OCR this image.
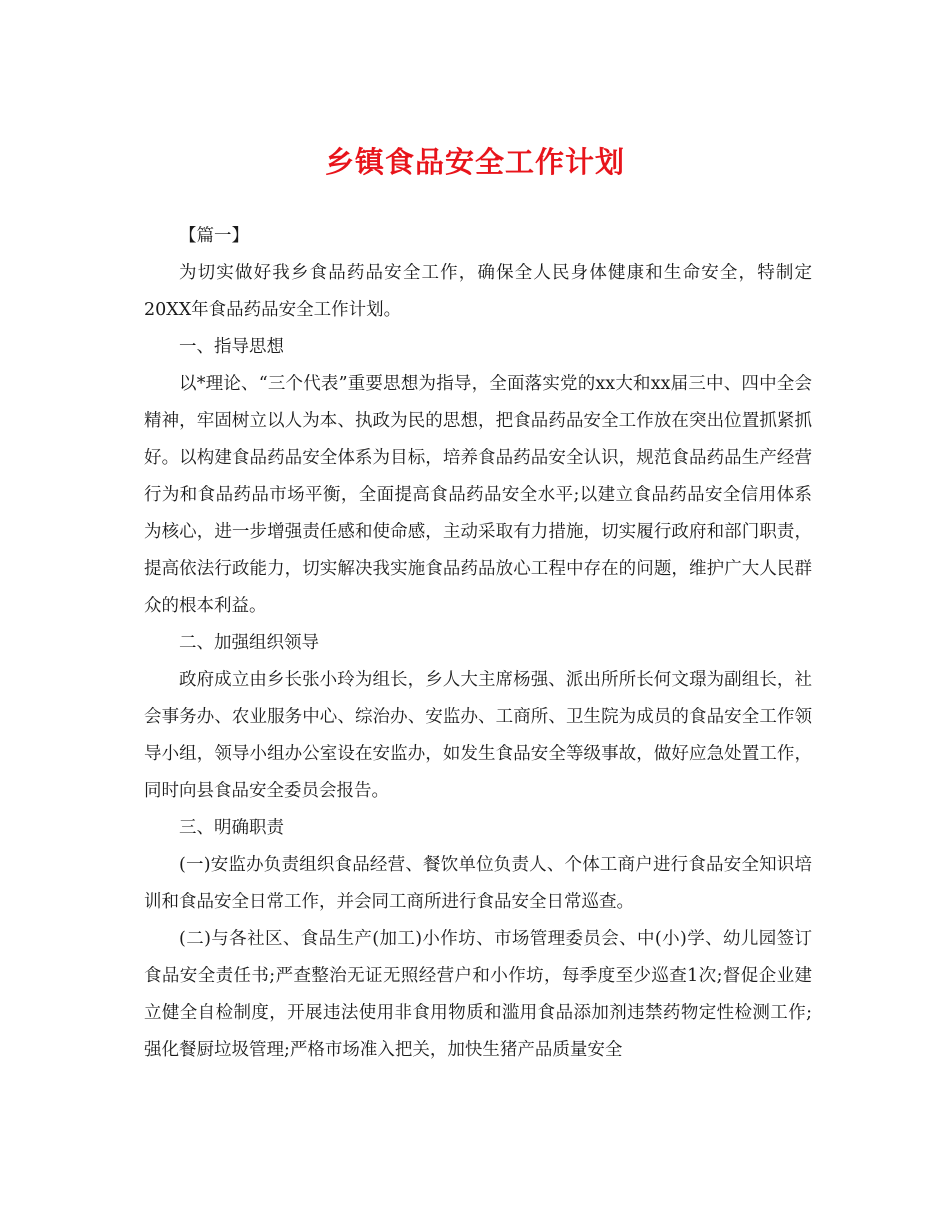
乡镇食品安全工作计划

【篇一】

为切实做好我乡食品药品安全工作，确保全人民身体健康和生命安全，特制定20XX年食品药品安全工作计划。

一、指导思想

以*理论、“三个代表”重要思想为指导，全面落实党的xx大和xx届三中、四中全会精神，牢固树立以人为本、执政为民的思想，把食品药品安全工作放在突出位置抓紧抓好。以构建食品药品安全体系为目标，培养食品药品安全认识，规范食品药品生产经营行为和食品药品市场平衡，全面提高食品药品安全水平;以建立食品药品安全信用体系为核心，进一步增强责任感和使命感，主动采取有力措施，切实履行政府和部门职责，提高依法行政能力，切实解决我实施食品药品放心工程中存在的问题，维护广大人民群众的根本利益。

二、加强组织领导

政府成立由乡长张小玲为组长，乡人大主席杨强、派出所所长何文璟为副组长，社会事务办、农业服务中心、综治办、安监办、工商所、卫生院为成员的食品安全工作领导小组，领导小组办公室设在安监办，如发生食品安全等级事故，做好应急处置工作，同时向县食品安全委员会报告。

三、明确职责

(一)安监办负责组织食品经营、餐饮单位负责人、个体工商户进行食品安全知识培训和食品安全日常工作，并会同工商所进行食品安全日常巡查。

(二)与各社区、食品生产(加工)小作坊、市场管理委员会、中(小)学、幼儿园签订食品安全责任书;严查整治无证无照经营户和小作坊，每季度至少巡查1次;督促企业建立健全自检制度，开展违法使用非食用物质和滥用食品添加剂违禁药物定性检测工作;强化餐厨垃圾管理;严格市场准入把关，加快生猪产品质量安全
